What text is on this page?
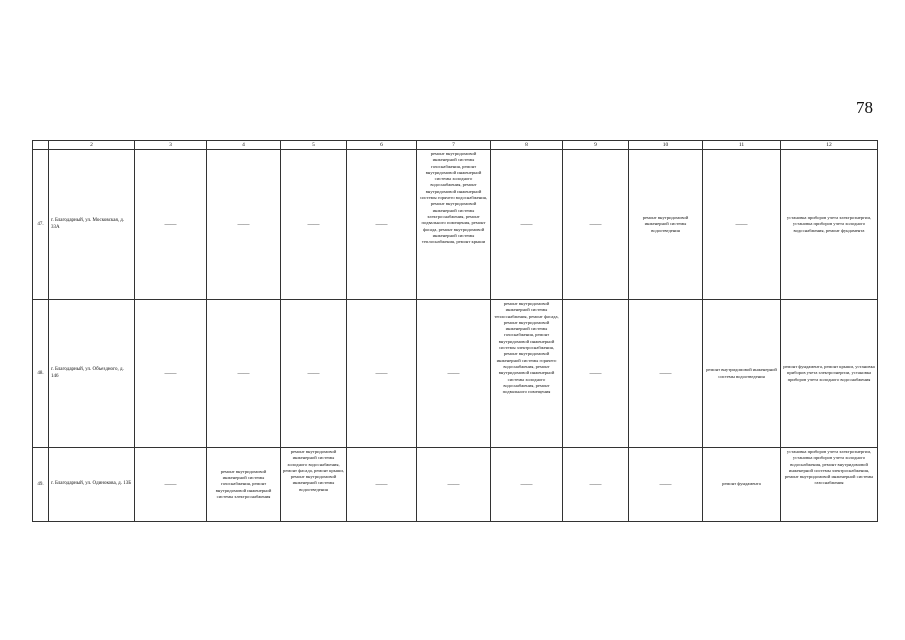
78
	2	3	4	5	6	7	8	9	10	11	12
47.	г. Благодарный, ул. Московская, д. 33А	——	——	——	——	ремонт внутридомовой инженерной системы газоснабжения, ремонт внутридомовой инженерной системы холодного водоснабжения, ремонт внутридомовой инженерной системы горячего водоснабжения, ремонт внутридомовой инженерной системы электроснабжения, ремонт подвального помещения, ремонт фасада, ремонт внутридомовой инженерной системы теплоснабжения, ремонт крыши	——	——	ремонт внутридомовой инженерной системы водоотведения	——	установка приборов учета электроэнергии, установка приборов учета холодного водоснабжения, ремонт фундамента
48.	г. Благодарный, ул. Объездного, д. 146	——	——	——	——	——	ремонт внутридомовой инженерной системы теплоснабжения, ремонт фасада, ремонт внутридомовой инженерной системы газоснабжения, ремонт внутридомовой инженерной системы электроснабжения, ремонт внутридомовой инженерной системы горячего водоснабжения, ремонт внутридомовой инженерной системы холодного водоснабжения, ремонт подвального помещения	——	——	ремонт внутридомовой инженерной системы водоотведения	ремонт фундамента, ремонт крыши, установка приборов учета электроэнергии, установка приборов учета холодного водоснабжения
49.	г. Благодарный, ул. Одинокова, д. 13Б	——	ремонт внутридомовой инженерной системы газоснабжения, ремонт внутридомовой инженерной системы электроснабжения	ремонт внутридомовой инженерной системы холодного водоснабжения, ремонт фасада, ремонт крыши, ремонт внутридомовой инженерной системы водоотведения	——	——	——	——	——	ремонт фундамента	установка приборов учета электроэнергии, установка приборов учета холодного водоснабжения, ремонт внутридомовой инженерной системы электроснабжения, ремонт внутридомовой инженерной системы газоснабжения
